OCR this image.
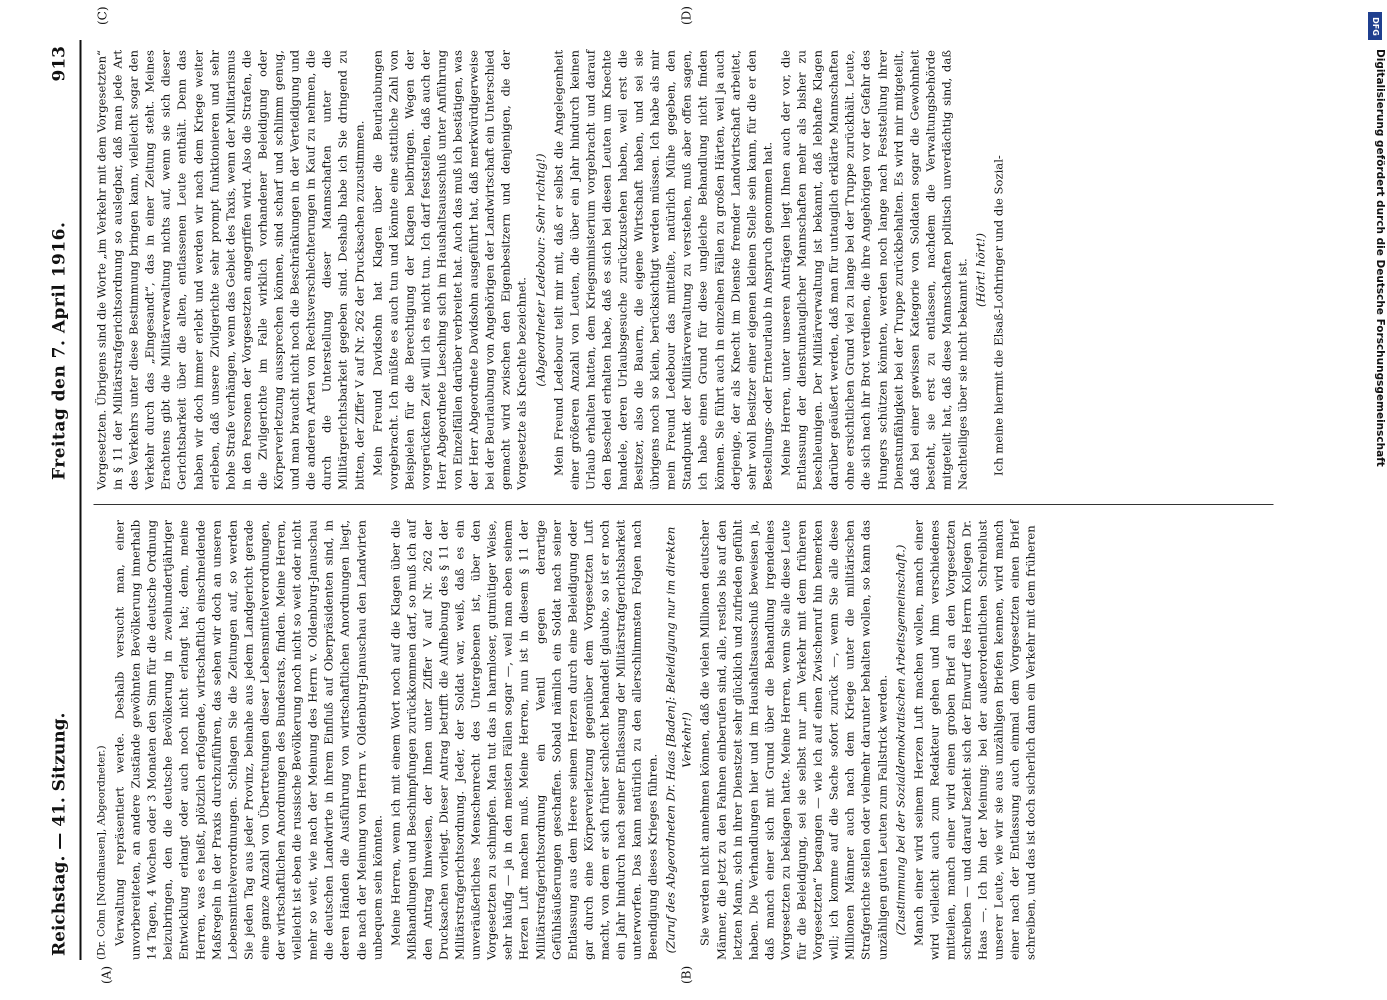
Reichstag. — 41. Sitzung.
Freitag den 7. April 1916.
913
(A)	(B)
(C)	(D)

(Dr. Cohn [Nordhausen], Abgeordneter.) Verwaltung repräsentiert werde. Deshalb versucht man, einer unvorbereiteten, an andere Zustände gewöhnten Bevölkerung innerhalb 14 Tagen, 4 Wochen oder 3 Monaten den Sinn für die deutsche Ordnung beizubringen, den die deutsche Bevölkerung in zweihundertjähriger Entwicklung erlangt oder auch noch nicht erlangt hat; denn, meine Herren, was es heißt, plötzlich erfolgende, wirtschaftlich einschneidende Maßregeln in der Praxis durchzuführen, das sehen wir doch an unseren Lebensmittelverordnungen. Schlagen Sie die Zeitungen auf, so werden Sie jeden Tag aus jeder Provinz, beinahe aus jedem Landgericht gerade eine ganze Anzahl von Übertretungen dieser Lebensmittelverordnungen, der wirtschaftlichen Anordnungen des Bundesrats, finden. Meine Herren, vielleicht ist eben die russische Bevölkerung noch nicht so weit oder nicht mehr so weit, wie nach der Meinung des Herrn v. Oldenburg-Januschau die deutschen Landwirte in ihrem Einfluß auf Oberpräsidenten sind, in deren Händen die Ausführung von wirtschaftlichen Anordnungen liegt, die nach der Meinung von Herrn v. Oldenburg-Januschau den Landwirten unbequem sein könnten. Meine Herren, wenn ich mit einem Wort noch auf die Klagen über die Mißhandlungen und Beschimpfungen zurückkommen darf, so muß ich auf den Antrag hinweisen, der Ihnen unter Ziffer V auf Nr. 262 der Drucksachen vorliegt. Dieser Antrag betrifft die Aufhebung des § 11 der Militärstrafgerichtsordnung. Jeder, der Soldat war, weiß, daß es ein unveräußerliches Menschenrecht des Untergebenen ist, über den Vorgesetzten zu schimpfen. Man tut das in harmloser, gutmütiger Weise, sehr häufig — ja in den meisten Fällen sogar —, weil man eben seinem Herzen Luft machen muß. Meine Herren, nun ist in diesem § 11 der Militärstrafgerichtsordnung ein Ventil gegen derartige Gefühlsäußerungen geschaffen. Sobald nämlich ein Soldat nach seiner Entlassung aus dem Heere seinem Herzen durch eine Beleidigung oder gar durch eine Körperverletzung gegenüber dem Vorgesetzten Luft macht, von dem er sich früher schlecht behandelt glaubte, so ist er noch ein Jahr hindurch nach seiner Entlassung der Militärstrafgerichtsbarkeit unterworfen. Das kann natürlich zu den allerschlimmsten Folgen nach Beendigung dieses Krieges führen. (Zuruf des Abgeordneten Dr. Haas [Baden]: Beleidigung nur im direkten Verkehr!) Sie werden nicht annehmen können, daß die vielen Millionen deutscher Männer, die jetzt zu den Fahnen einberufen sind, alle, restlos bis auf den letzten Mann, sich in ihrer Dienstzeit sehr glücklich und zufrieden gefühlt haben. Die Verhandlungen hier und im Haushaltsausschuß beweisen ja, daß manch einer sich mit Grund über die Behandlung irgendeines Vorgesetzten zu beklagen hatte. Meine Herren, wenn Sie alle diese Leute für die Beleidigung, sei sie selbst nur „im Verkehr mit dem früheren Vorgesetzten“ begangen — wie ich auf einen Zwischenruf hin bemerken will; ich komme auf die Sache sofort zurück —, wenn Sie alle diese Millionen Männer auch nach dem Kriege unter die militärischen Strafgerichte stellen oder vielmehr darunter behalten wollen, so kann das unzähligen guten Leuten zum Fallstrick werden. (Zustimmung bei der Sozialdemokratischen Arbeitsgemeinschaft.) Manch einer wird seinem Herzen Luft machen wollen, manch einer wird vielleicht auch zum Redakteur gehen und ihm verschiedenes mitteilen, manch einer wird einen groben Brief an den Vorgesetzten schreiben — und darauf bezieht sich der Einwurf des Herrn Kollegen Dr. Haas —. Ich bin der Meinung: bei der außerordentlichen Schreiblust unserer Leute, wie wir sie aus unzähligen Briefen kennen, wird manch einer nach der Entlassung auch einmal dem Vorgesetzten einen Brief schreiben, und das ist doch sicherlich dann ein Verkehr mit dem früheren

Vorgesetzten. Übrigens sind die Worte „im Verkehr mit dem Vorgesetzten“ in § 11 der Militärstrafgerichtsordnung so auslegbar, daß man jede Art des Verkehrs unter diese Bestimmung bringen kann, vielleicht sogar den Verkehr durch das „Eingesandt“, das in einer Zeitung steht. Meines Erachtens gibt die Militärverwaltung nichts auf, wenn sie sich dieser Gerichtsbarkeit über die alten, entlassenen Leute enthält. Denn das haben wir doch immer erlebt und werden wir nach dem Kriege weiter erleben, daß unsere Zivilgerichte sehr prompt funktionieren und sehr hohe Strafe verhängen, wenn das Gebiet des Taxis, wenn der Militarismus in den Personen der Vorgesetzten angegriffen wird. Also die Strafen, die die Zivilgerichte im Falle wirklich vorhandener Beleidigung oder Körperverletzung aussprechen können, sind scharf und schlimm genug, und man braucht nicht noch die Beschränkungen in der Verteidigung und die anderen Arten von Rechtsverschlechterungen in Kauf zu nehmen, die durch die Unterstellung dieser Mannschaften unter die Militärgerichtsbarkeit gegeben sind. Deshalb habe ich Sie dringend zu bitten, der Ziffer V auf Nr. 262 der Drucksachen zuzustimmen. Mein Freund Davidsohn hat Klagen über die Beurlaubungen vorgebracht. Ich müßte es auch tun und könnte eine stattliche Zahl von Beispielen für die Berechtigung der Klagen beibringen. Wegen der vorgerückten Zeit will ich es nicht tun. Ich darf feststellen, daß auch der Herr Abgeordnete Liesching sich im Haushaltsausschuß unter Anführung von Einzelfällen darüber verbreitet hat. Auch das muß ich bestätigen, was der Herr Abgeordnete Davidsohn ausgeführt hat, daß merkwürdigerweise bei der Beurlaubung von Angehörigen der Landwirtschaft ein Unterschied gemacht wird zwischen den Eigenbesitzern und denjenigen, die der Vorgesetzte als Knechte bezeichnet. (Abgeordneter Ledebour: Sehr richtig!) Mein Freund Ledebour teilt mir mit, daß er selbst die Angelegenheit einer größeren Anzahl von Leuten, die über ein Jahr hindurch keinen Urlaub erhalten hatten, dem Kriegsministerium vorgebracht und darauf den Bescheid erhalten habe, daß es sich bei diesen Leuten um Knechte handele, deren Urlaubsgesuche zurückzustehen haben, weil erst die Besitzer, also die Bauern, die eigene Wirtschaft haben, und sei sie übrigens noch so klein, berücksichtigt werden müssen. Ich habe als mir mein Freund Ledebour das mitteilte, natürlich Mühe gegeben, den Standpunkt der Militärverwaltung zu verstehen, muß aber offen sagen, ich habe einen Grund für diese ungleiche Behandlung nicht finden können. Sie führt auch in einzelnen Fällen zu großen Härten, weil ja auch derjenige, der als Knecht im Dienste fremder Landwirtschaft arbeitet, sehr wohl Besitzer einer eigenen kleinen Stelle sein kann, für die er den Bestellungs- oder Ernteurlaub in Anspruch genommen hat. Meine Herren, unter unseren Anträgen liegt Ihnen auch der vor, die Entlassung der dienstuntauglicher Mannschaften mehr als bisher zu beschleunigen. Der Militärverwaltung ist bekannt, daß lebhafte Klagen darüber geäußert werden, daß man für untauglich erklärte Mannschaften ohne ersichtlichen Grund viel zu lange bei der Truppe zurückhält. Leute, die sich nach ihr Brot verdienen, die ihre Angehörigen vor der Gefahr des Hungers schützen könnten, werden noch lange nach Feststellung ihrer Dienstunfähigkeit bei der Truppe zurückbehalten. Es wird mir mitgeteilt, daß bei einer gewissen Kategorie von Soldaten sogar die Gewohnheit besteht, sie erst zu entlassen, nachdem die Verwaltungsbehörde mitgeteilt hat, daß diese Mannschaften politisch unverdächtig sind, daß Nachteiliges über sie nicht bekannt ist. (Hört! hört!) Ich meine hiermit die Elsaß-Lothringer und die Sozial-

DFG
Digitalisierung gefördert durch die Deutsche Forschungsgemeinschaft
